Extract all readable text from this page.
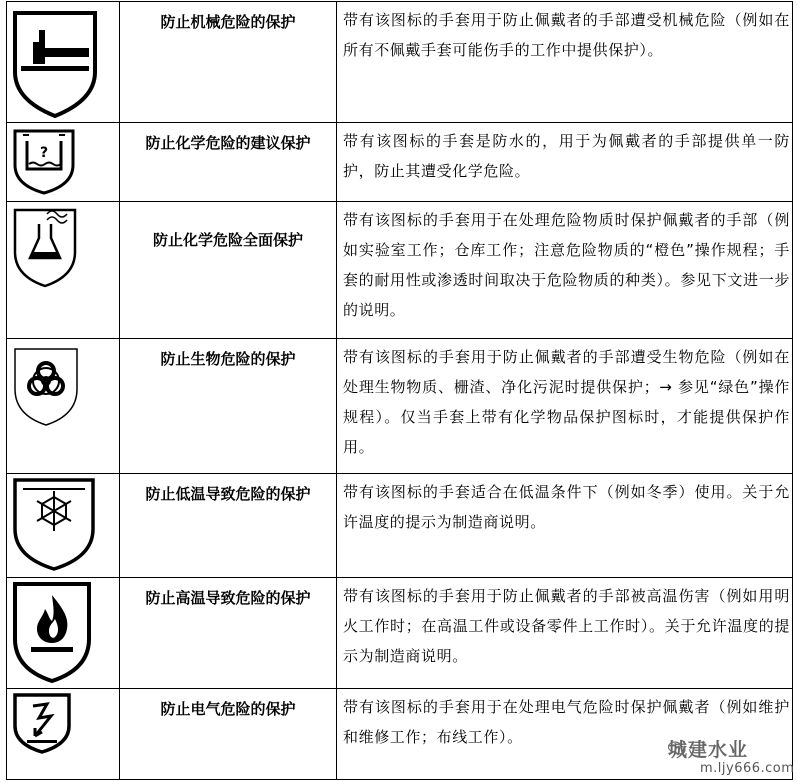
	防止机械危险的保护	带有该图标的手套用于防止佩戴者的手部遭受机械危险（例如在所有不佩戴手套可能伤手的工作中提供保护）。

?	防止化学危险的建议保护	带有该图标的手套是防水的，用于为佩戴者的手部提供单一防护，防止其遭受化学危险。

	防止化学危险全面保护	带有该图标的手套用于在处理危险物质时保护佩戴者的手部（例如实验室工作；仓库工作；注意危险物质的“橙色”操作规程；手套的耐用性或渗透时间取决于危险物质的种类）。参见下文进一步的说明。

	防止生物危险的保护	带有该图标的手套用于防止佩戴者的手部遭受生物危险（例如在处理生物物质、栅渣、净化污泥时提供保护；→ 参见“绿色”操作规程）。仅当手套上带有化学物品保护图标时，才能提供保护作用。

	防止低温导致危险的保护	带有该图标的手套适合在低温条件下（例如冬季）使用。关于允许温度的提示为制造商说明。

	防止高温导致危险的保护	带有该图标的手套用于防止佩戴者的手部被高温伤害（例如用明火工作时；在高温工件或设备零件上工作时）。关于允许温度的提示为制造商说明。

	防止电气危险的保护	带有该图标的手套用于在处理电气危险时保护佩戴者（例如维护和维修工作；布线工作）。
城建水业
m.ljy666.com
